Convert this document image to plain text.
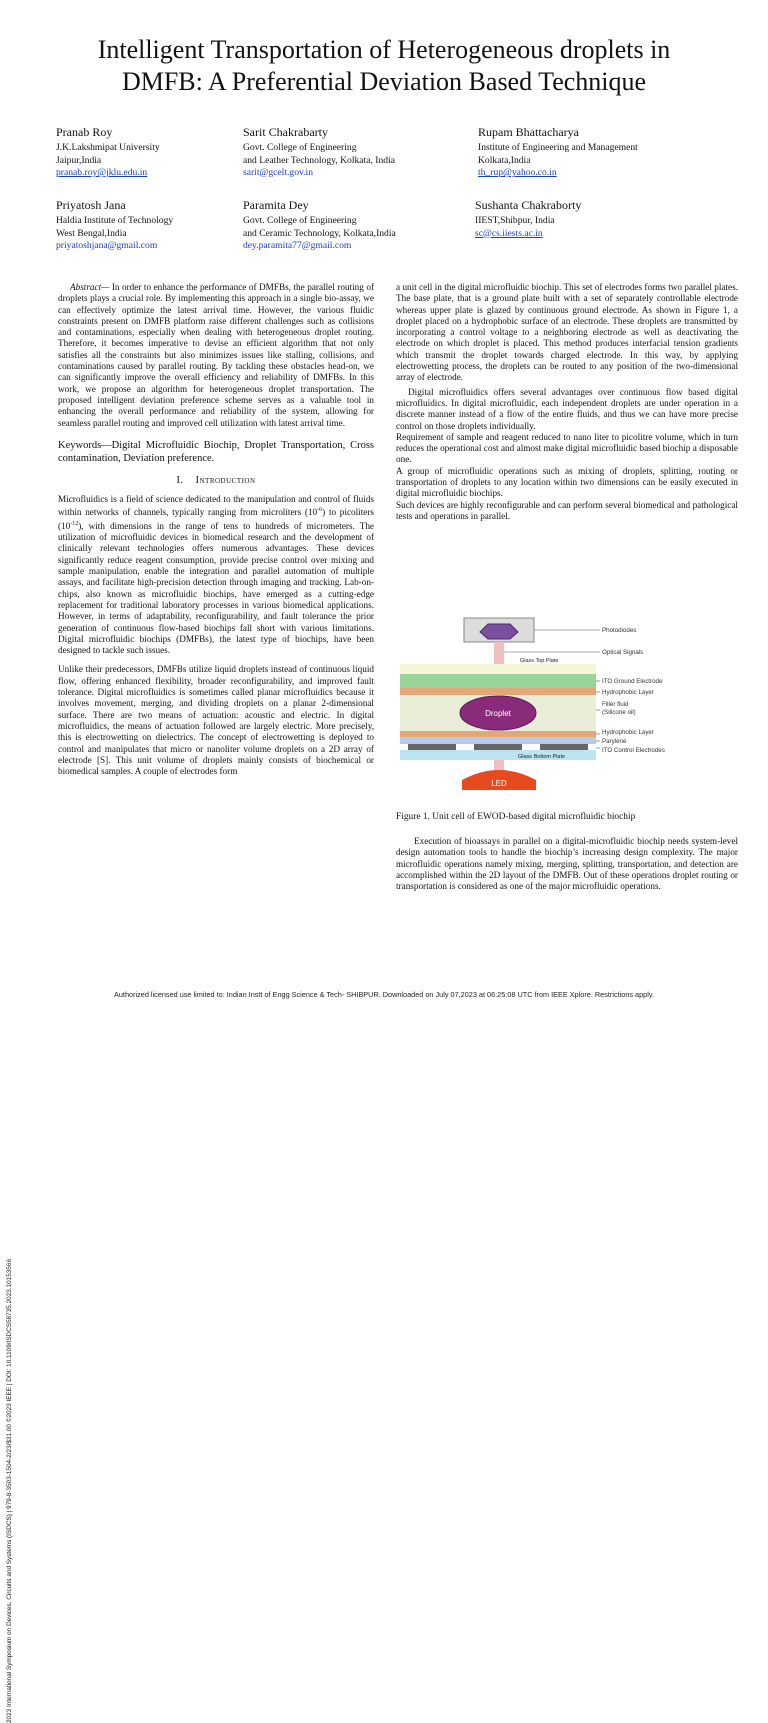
Intelligent Transportation of Heterogeneous droplets in
DMFB: A Preferential Deviation Based Technique
Pranab Roy
J.K.Lakshmipat University
Jaipur,India
pranab.roy@jklu.edu.in
Sarit Chakrabarty
Govt. College of Engineering
and Leather Technology, Kolkata, India
sarit@gcelt.gov.in
Rupam Bhattacharya
Institute of Engineering and Management
Kolkata,India
th_rup@yahoo.co.in
Priyatosh Jana
Haldia Institute of Technology
West Bengal,India
priyatoshjana@gmail.com
Paramita Dey
Govt. College of Engineering
and Ceramic Technology, Kolkata,India
dey.paramita77@gmail.com
Sushanta Chakraborty
IIEST,Shibpur, India
sc@cs.iiests.ac.in
2023 International Symposium on Devices, Circuits and Systems (ISDCS) | 979-8-3503-1504-2/23/$31.00 ©2023 IEEE | DOI: 10.1109/ISDCS58735.2023.10153566

Abstract— In order to enhance the performance of DMFBs, the parallel routing of droplets plays a crucial role. By implementing this approach in a single bio-assay, we can effectively optimize the latest arrival time. However, the various fluidic constraints present on DMFB platform raise different challenges such as collisions and contaminations, especially when dealing with heterogeneous droplet routing. Therefore, it becomes imperative to devise an efficient algorithm that not only satisfies all the constraints but also minimizes issues like stalling, collisions, and contaminations caused by parallel routing. By tackling these obstacles head-on, we can significantly improve the overall efficiency and reliability of DMFBs. In this work, we propose an algorithm for heterogeneous droplet transportation. The proposed intelligent deviation preference scheme serves as a valuable tool in enhancing the overall performance and reliability of the system, allowing for seamless parallel routing and improved cell utilization with latest arrival time.

Keywords—Digital Microfluidic Biochip, Droplet Transportation, Cross contamination, Deviation preference.

I. Introduction

Microfluidics is a field of science dedicated to the manipulation and control of fluids within networks of channels, typically ranging from microliters $(10^{-6})$ to picoliters $(10^{-12})$, with dimensions in the range of tens to hundreds of micrometers. The utilization of microfluidic devices in biomedical research and the development of clinically relevant technologies offers numerous advantages. These devices significantly reduce reagent consumption, provide precise control over mixing and sample manipulation, enable the integration and parallel automation of multiple assays, and facilitate high-precision detection through imaging and tracking. Lab-on-chips, also known as microfluidic biochips, have emerged as a cutting-edge replacement for traditional laboratory processes in various biomedical applications. However, in terms of adaptability, reconfigurability, and fault tolerance the prior generation of continuous flow-based biochips fall short with various limitations. Digital microfluidic biochips (DMFBs), the latest type of biochips, have been designed to tackle such issues.

Unlike their predecessors, DMFBs utilize liquid droplets instead of continuous liquid flow, offering enhanced flexibility, broader reconfigurability, and improved fault tolerance. Digital microfluidics is sometimes called planar microfluidics because it involves movement, merging, and dividing droplets on a planar 2-dimensional surface. There are two means of actuation: acoustic and electric. In digital microfluidics, the means of actuation followed are largely electric. More precisely, this is electrowetting on dielectrics. The concept of electrowetting is deployed to control and manipulates that micro or nanoliter volume droplets on a 2D array of electrode [S]. This unit volume of droplets mainly consists of biochemical or biomedical samples. A couple of electrodes form

a unit cell in the digital microfluidic biochip. This set of electrodes forms two parallel plates. The base plate, that is a ground plate built with a set of separately controllable electrode whereas upper plate is glazed by continuous ground electrode. As shown in Figure 1, a droplet placed on a hydrophobic surface of an electrode. These droplets are transmitted by incorporating a control voltage to a neighboring electrode as well as deactivating the electrode on which droplet is placed. This method produces interfacial tension gradients which transmit the droplet towards charged electrode. In this way, by applying electrowetting process, the droplets can be routed to any position of the two-dimensional array of electrode.

Digital microfluidics offers several advantages over continuous flow based digital microfluidics. In digital microfluidic, each independent droplets are under operation in a discrete manner instead of a flow of the entire fluids, and thus we can have more precise control on those droplets individually.

Requirement of sample and reagent reduced to nano liter to picolitre volume, which in turn reduces the operational cost and almost make digital microfluidic based biochip a disposable one.

A group of microfluidic operations such as mixing of droplets, splitting, routing or transportation of droplets to any location within two dimensions can be easily executed in digital microfluidic biochips.

Such devices are highly reconfigurable and can perform several biomedical and pathological tests and operations in parallel.

LED
Droplet
Glass Top Plate
Glass Bottom Plate
Photodiodes
Optical Signals
ITO Ground Electrode
Hydrophobic Layer
Filler fluid
(Silicone oil)
Hydrophobic Layer
Parylene
ITO Control Electrodes
Figure 1. Unit cell of EWOD-based digital microfluidic biochip

Execution of bioassays in parallel on a digital-microfluidic biochip needs system-level design automation tools to handle the biochip’s increasing design complexity. The major microfluidic operations namely mixing, merging, splitting, transportation, and detection are accomplished within the 2D layout of the DMFB. Out of these operations droplet routing or transportation is considered as one of the major microfluidic operations.

Authorized licensed use limited to: Indian Instt of Engg Science & Tech- SHIBPUR. Downloaded on July 07,2023 at 06:25:08 UTC from IEEE Xplore. Restrictions apply.
